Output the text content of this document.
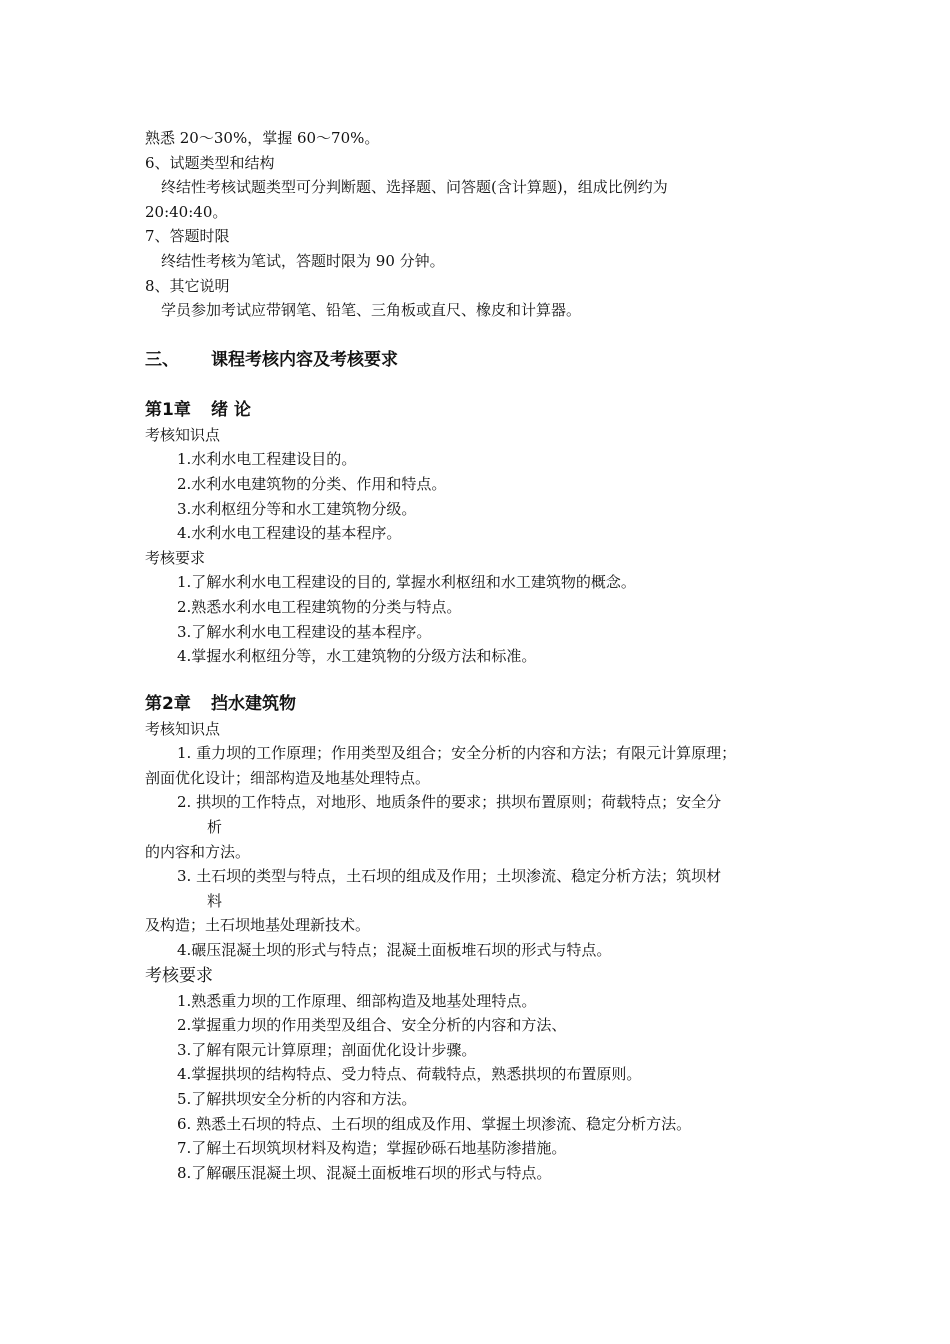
熟悉 20～30%，掌握 60～70%。
6、试题类型和结构
终结性考核试题类型可分判断题、选择题、问答题(含计算题)，组成比例约为
20:40:40。
7、答题时限
终结性考核为笔试，答题时限为 90 分钟。
8、其它说明
学员参加考试应带钢笔、铅笔、三角板或直尺、橡皮和计算器。
三、 课程考核内容及考核要求
第1章 绪 论
考核知识点
1.水利水电工程建设目的。
2.水利水电建筑物的分类、作用和特点。
3.水利枢纽分等和水工建筑物分级。
4.水利水电工程建设的基本程序。
考核要求
1.了解水利水电工程建设的目的, 掌握水利枢纽和水工建筑物的概念。
2.熟悉水利水电工程建筑物的分类与特点。
3.了解水利水电工程建设的基本程序。
4.掌握水利枢纽分等，水工建筑物的分级方法和标准。
第2章 挡水建筑物
考核知识点
1. 重力坝的工作原理；作用类型及组合；安全分析的内容和方法；有限元计算原理；
剖面优化设计；细部构造及地基处理特点。
2. 拱坝的工作特点，对地形、地质条件的要求；拱坝布置原则；荷载特点；安全分
析
的内容和方法。
3. 土石坝的类型与特点，土石坝的组成及作用；土坝渗流、稳定分析方法；筑坝材
料
及构造；土石坝地基处理新技术。
4.碾压混凝土坝的形式与特点；混凝土面板堆石坝的形式与特点。
考核要求
1.熟悉重力坝的工作原理、细部构造及地基处理特点。
2.掌握重力坝的作用类型及组合、安全分析的内容和方法、
3.了解有限元计算原理；剖面优化设计步骤。
4.掌握拱坝的结构特点、受力特点、荷载特点，熟悉拱坝的布置原则。
5.了解拱坝安全分析的内容和方法。
6. 熟悉土石坝的特点、土石坝的组成及作用、掌握土坝渗流、稳定分析方法。
7.了解土石坝筑坝材料及构造；掌握砂砾石地基防渗措施。
8.了解碾压混凝土坝、混凝土面板堆石坝的形式与特点。
